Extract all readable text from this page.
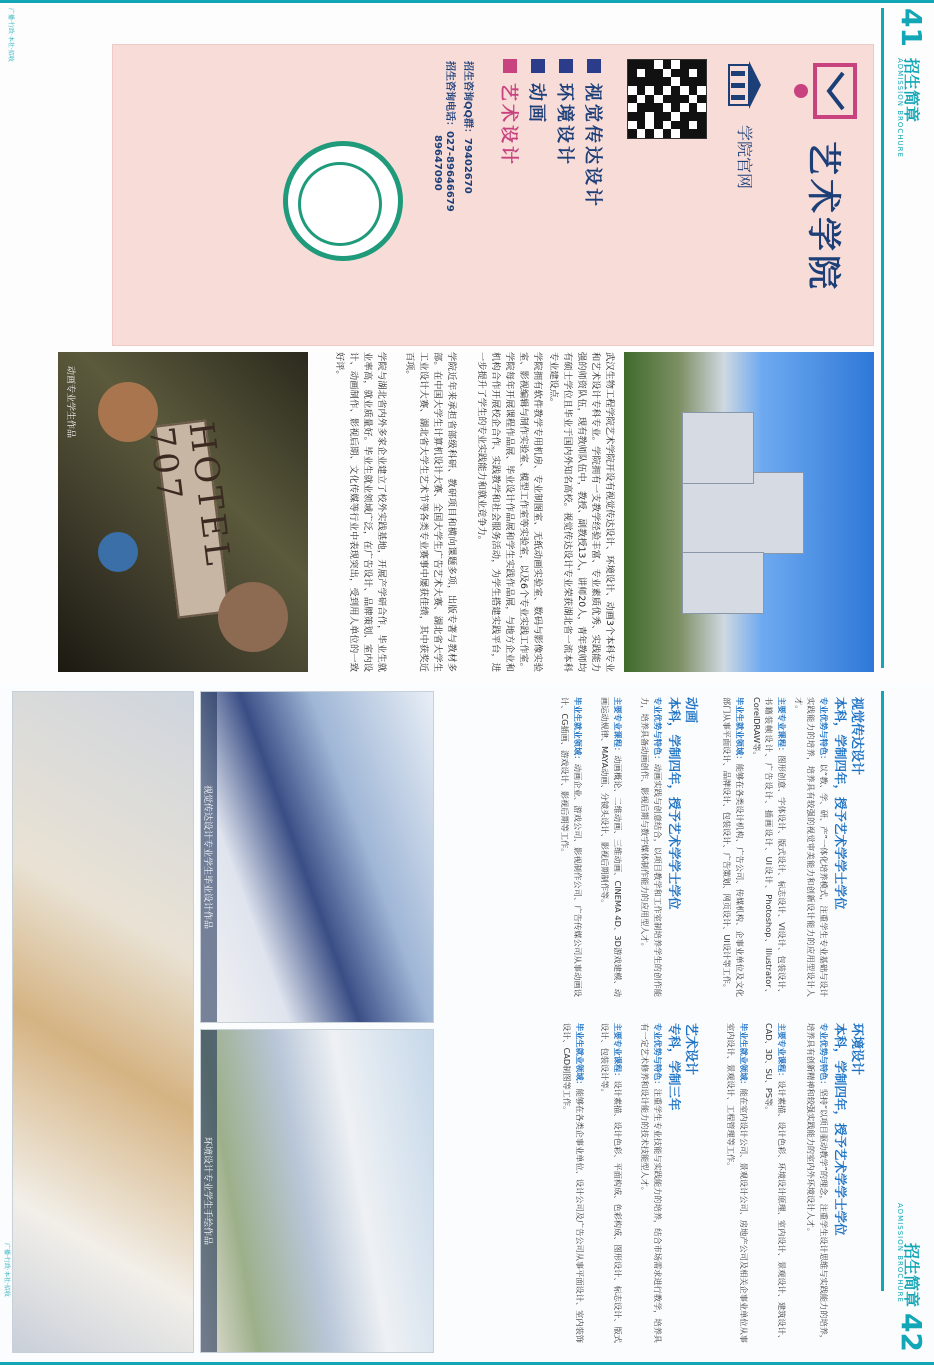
41
招生简章
ADMISSION BROCHURE
艺术学院
学院官网
视觉传达设计
环境设计
动画
艺术设计
招生咨询QQ群：79402670
招生咨询电话：027-89646679
89647090
武汉生物工程学院艺术学院开设有视觉传达设计、环境设计、动画3个本科专业和艺术设计专科专业。学院拥有一支教学经验丰富、专业素质优秀、实践能力强的师资队伍，现有教师队伍中，教授、副教授13人，讲师20人，青年教师均有硕士学位且毕业于国内外知名高校。视觉传达设计专业荣获湖北省一流本科专业建设点。
学院拥有软件教学专用机房、专业制图室、无纸动画实验室、数码与影像实验室、影视编辑与制作实验室、模型工作室等实验室，以及6个专业实践工作室。学院每年开展课程作品展、毕业设计作品展和学生实践作品展，与地方企业和机构合作开展校企合作、实践教学和社会服务活动，为学生搭建实践平台，进一步提升了学生的专业实践能力和就业竞争力。
学院近年来承担省部级科研、教研项目和横向课题多项，出版专著与教材多部。在中国大学生计算机设计大赛、全国大学生广告艺术大赛、湖北省大学生工业设计大赛、湖北省大学生艺术节等各类专业赛事中屡获佳绩，其中获奖近百项。
学院与湖北省内外多家企业建立了校外实践基地，开展产学研合作，毕业生就业率高，就业质量好。毕业生就业领域广泛，在广告设计、品牌策划、室内设计、动画制作、影视后期、文化传媒等行业中表现突出，受到用人单位的一致好评。
HOTEL 707
动画专业学生作品
广播·行政·本社·招收
招生简章
ADMISSION BROCHURE
42
视觉传达设计
本科，学制四年，授予艺术学学士学位
专业优势与特色：以“教、学、研、产”一体化培养模式，注重学生专业基础与设计实践能力的培养，培养具有较强的视觉审美能力和创新设计能力的应用型设计人才。
主要专业课程：图形创意、字体设计、版式设计、标志设计、VI设计、包装设计、书籍装帧设计、广告设计、插画设计、UI设计、Photoshop、Illustrator、CorelDRAW等。
毕业生就业领域：能够在各类设计机构、广告公司、传媒机构、企事业单位及文化部门从事平面设计、品牌设计、包装设计、广告策划、网页设计、UI设计等工作。
动画
本科，学制四年，授予艺术学学士学位
专业优势与特色：动画实践与创意结合，以项目教学和工作室制培养学生的创作能力，培养具备动画创作、影视后期与数字媒体制作能力的应用型人才。
主要专业课程：动画概论、二维动画、三维动画、CINEMA 4D、3D游戏建模、动画运动规律、MAYA动画、分镜头设计、影视后期制作等。
毕业生就业领域：动画企业、游戏公司、影视制作公司、广告传媒公司从事动画设计、CG插画、游戏设计、影视后期等工作。
环境设计
本科，学制四年，授予艺术学学士学位
专业优势与特色：坚持“以项目驱动教学”的理念，注重学生设计思维与实践能力的培养，培养具有创新精神和较强实践能力的室内外环境设计人才。
主要专业课程：设计素描、设计色彩、环境设计原理、室内设计、景观设计、建筑设计、CAD、3D、SU、PS等。
毕业生就业领域：能在室内设计公司、景观设计公司、房地产公司及相关企事业单位从事室内设计、景观设计、工程管理等工作。
艺术设计
专科，学制三年
专业优势与特色：注重学生专业技能与实践能力的培养，结合市场需求进行教学，培养具有一定艺术修养和设计能力的技术技能型人才。
主要专业课程：设计素描、设计色彩、平面构成、色彩构成、图形设计、标志设计、版式设计、包装设计等。
毕业生就业领域：能够在各类企事业单位、设计公司及广告公司从事平面设计、室内装饰设计、CAD制图等工作。
视觉传达设计专业学生毕业设计作品
环境设计专业学生手绘作品
广播·行政·本社·招收
